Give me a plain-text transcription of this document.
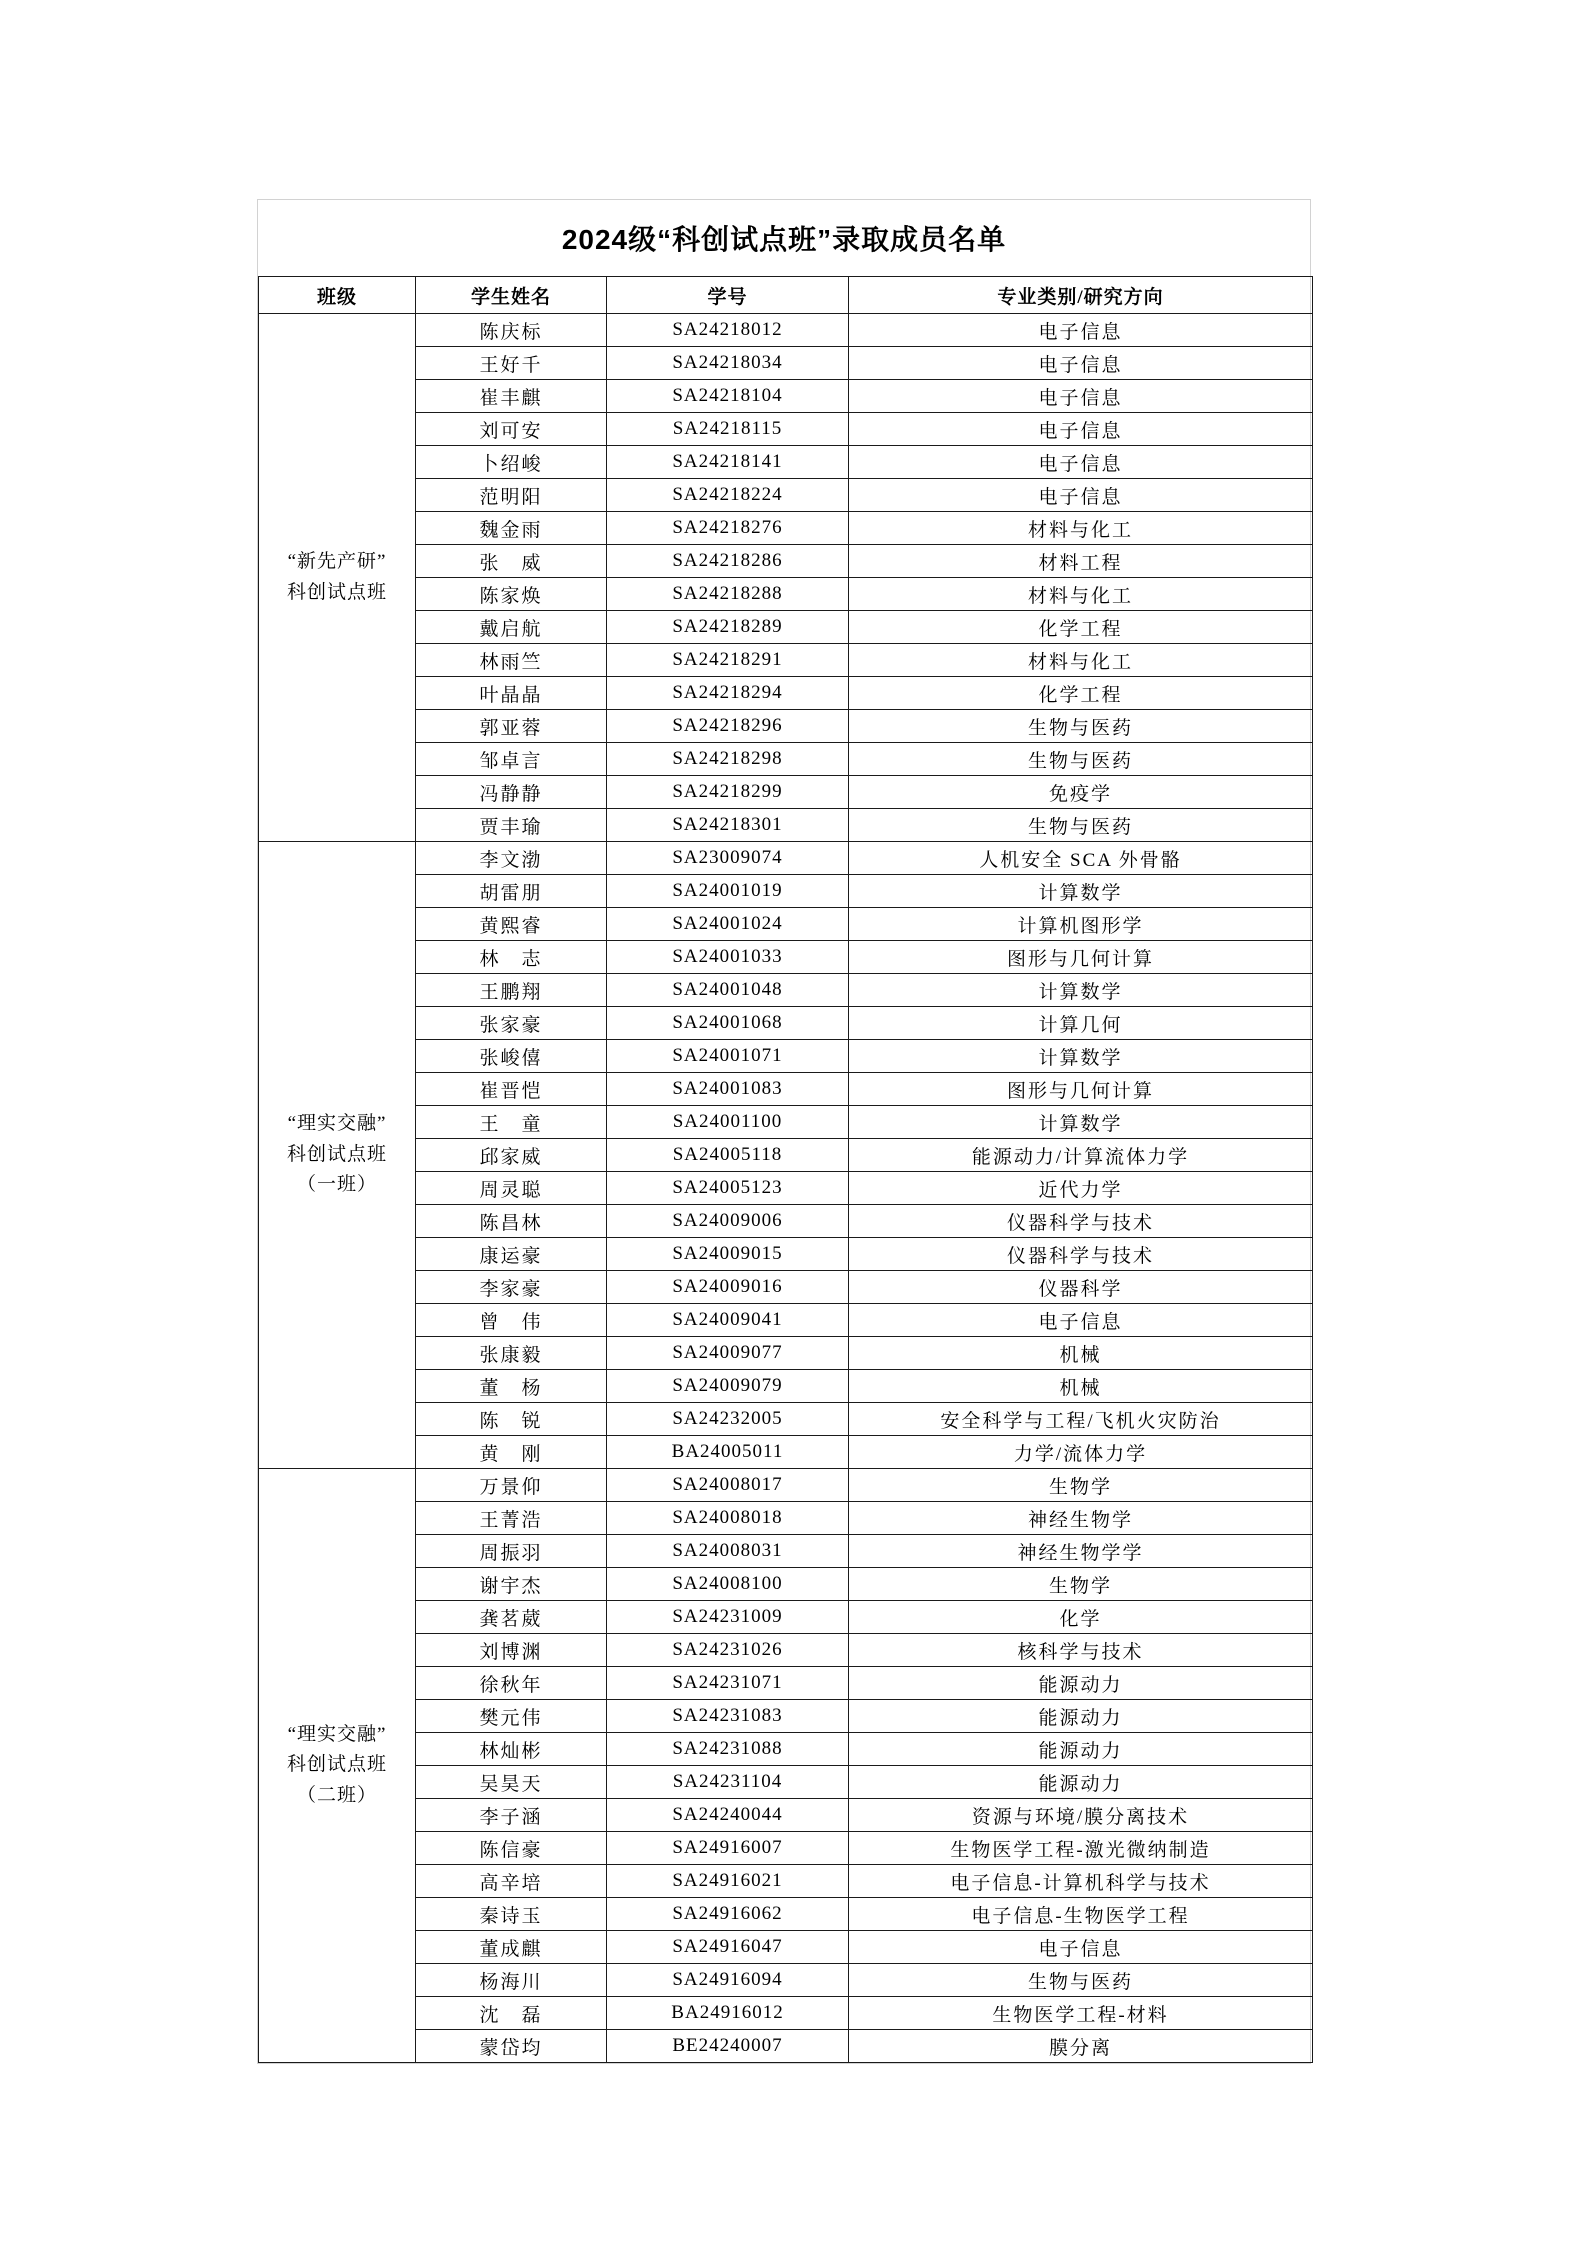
2024级“科创试点班”录取成员名单
班级	学生姓名	学号	专业类别/研究方向
“新先产研”
科创试点班	陈庆标	SA24218012	电子信息
	王好千	SA24218034	电子信息
	崔丰麒	SA24218104	电子信息
	刘可安	SA24218115	电子信息
	卜绍峻	SA24218141	电子信息
	范明阳	SA24218224	电子信息
	魏金雨	SA24218276	材料与化工
	张　威	SA24218286	材料工程
	陈家焕	SA24218288	材料与化工
	戴启航	SA24218289	化学工程
	林雨竺	SA24218291	材料与化工
	叶晶晶	SA24218294	化学工程
	郭亚蓉	SA24218296	生物与医药
	邹卓言	SA24218298	生物与医药
	冯静静	SA24218299	免疫学
	贾丰瑜	SA24218301	生物与医药
“理实交融”
科创试点班
（一班）	李文渤	SA23009074	人机安全 SCA 外骨骼
	胡雷朋	SA24001019	计算数学
	黄熙睿	SA24001024	计算机图形学
	林　志	SA24001033	图形与几何计算
	王鹏翔	SA24001048	计算数学
	张家豪	SA24001068	计算几何
	张峻僖	SA24001071	计算数学
	崔晋恺	SA24001083	图形与几何计算
	王　童	SA24001100	计算数学
	邱家威	SA24005118	能源动力/计算流体力学
	周灵聪	SA24005123	近代力学
	陈昌林	SA24009006	仪器科学与技术
	康运豪	SA24009015	仪器科学与技术
	李家豪	SA24009016	仪器科学
	曾　伟	SA24009041	电子信息
	张康毅	SA24009077	机械
	董　杨	SA24009079	机械
	陈　锐	SA24232005	安全科学与工程/飞机火灾防治
	黄　刚	BA24005011	力学/流体力学
“理实交融”
科创试点班
（二班）	万景仰	SA24008017	生物学
	王菁浩	SA24008018	神经生物学
	周振羽	SA24008031	神经生物学学
	谢宇杰	SA24008100	生物学
	龚茗葳	SA24231009	化学
	刘博渊	SA24231026	核科学与技术
	徐秋年	SA24231071	能源动力
	樊元伟	SA24231083	能源动力
	林灿彬	SA24231088	能源动力
	吴昊天	SA24231104	能源动力
	李子涵	SA24240044	资源与环境/膜分离技术
	陈信豪	SA24916007	生物医学工程-激光微纳制造
	高辛培	SA24916021	电子信息-计算机科学与技术
	秦诗玉	SA24916062	电子信息-生物医学工程
	董成麒	SA24916047	电子信息
	杨海川	SA24916094	生物与医药
	沈　磊	BA24916012	生物医学工程-材料
	蒙岱均	BE24240007	膜分离
